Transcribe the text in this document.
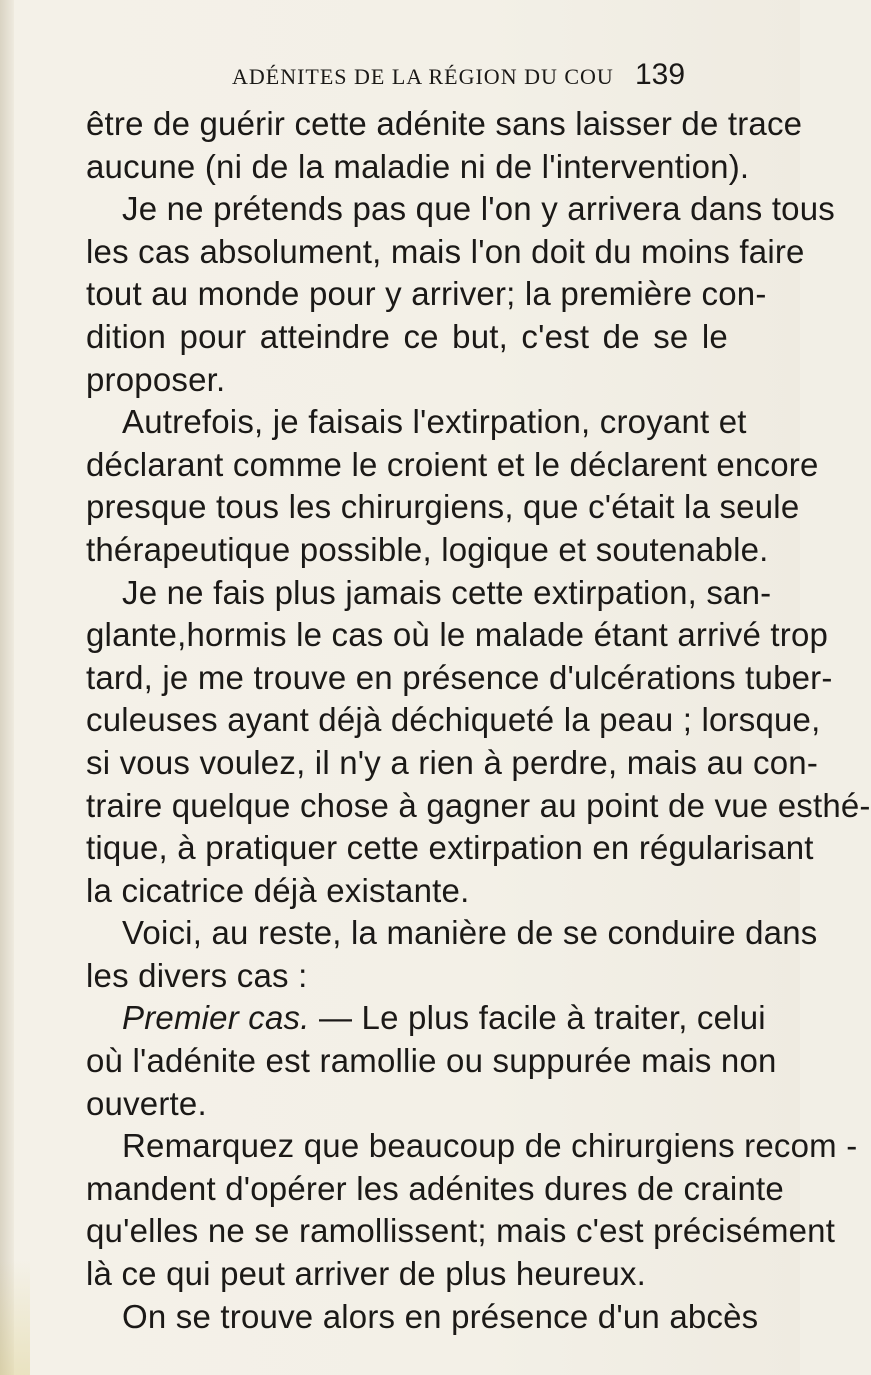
ADÉNITES DE LA RÉGION DU COU 139
être de guérir cette adénite sans laisser de trace
aucune (ni de la maladie ni de l'intervention).
Je ne prétends pas que l'on y arrivera dans tous
les cas absolument, mais l'on doit du moins faire
tout au monde pour y arriver; la première con-
dition pour atteindre ce but, c'est de se le
proposer.
Autrefois, je faisais l'extirpation, croyant et
déclarant comme le croient et le déclarent encore
presque tous les chirurgiens, que c'était la seule
thérapeutique possible, logique et soutenable.
Je ne fais plus jamais cette extirpation, san-
glante,hormis le cas où le malade étant arrivé trop
tard, je me trouve en présence d'ulcérations tuber-
culeuses ayant déjà déchiqueté la peau ; lorsque,
si vous voulez, il n'y a rien à perdre, mais au con-
traire quelque chose à gagner au point de vue esthé-
tique, à pratiquer cette extirpation en régularisant
la cicatrice déjà existante.
Voici, au reste, la manière de se conduire dans
les divers cas :
Premier cas. — Le plus facile à traiter, celui
où l'adénite est ramollie ou suppurée mais non
ouverte.
Remarquez que beaucoup de chirurgiens recom -
mandent d'opérer les adénites dures de crainte
qu'elles ne se ramollissent; mais c'est précisément
là ce qui peut arriver de plus heureux.
On se trouve alors en présence d'un abcès
